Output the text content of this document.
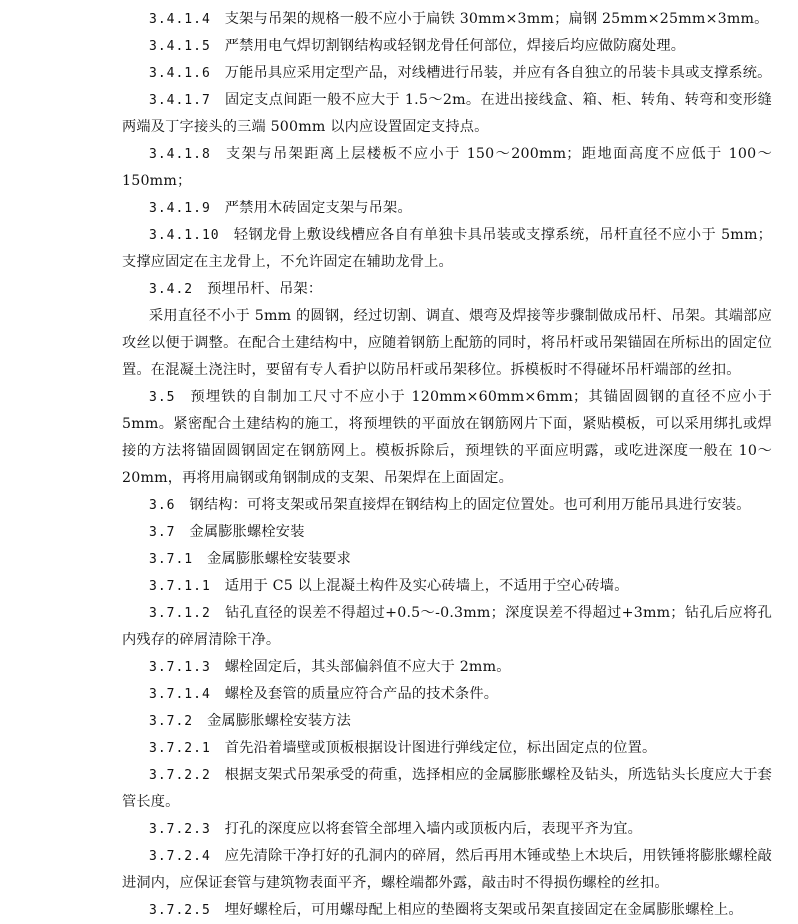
3.4.1.4 支架与吊架的规格一般不应小于扁铁 30mm×3mm；扁钢 25mm×25mm×3mm。

3.4.1.5 严禁用电气焊切割钢结构或轻钢龙骨任何部位，焊接后均应做防腐处理。

3.4.1.6 万能吊具应采用定型产品，对线槽进行吊装，并应有各自独立的吊装卡具或支撑系统。

3.4.1.7 固定支点间距一般不应大于 1.5～2m。在进出接线盒、箱、柜、转角、转弯和变形缝两端及丁字接头的三端 500mm 以内应设置固定支持点。

3.4.1.8 支架与吊架距离上层楼板不应小于 150～200mm；距地面高度不应低于 100～150mm；

3.4.1.9 严禁用木砖固定支架与吊架。

3.4.1.10 轻钢龙骨上敷设线槽应各自有单独卡具吊装或支撑系统，吊杆直径不应小于 5mm；支撑应固定在主龙骨上，不允许固定在辅助龙骨上。

3.4.2 预埋吊杆、吊架：

采用直径不小于 5mm 的圆钢，经过切割、调直、煨弯及焊接等步骤制做成吊杆、吊架。其端部应攻丝以便于调整。在配合土建结构中，应随着钢筋上配筋的同时，将吊杆或吊架锚固在所标出的固定位置。在混凝土浇注时，要留有专人看护以防吊杆或吊架移位。拆模板时不得碰坏吊杆端部的丝扣。

3.5 预埋铁的自制加工尺寸不应小于 120mm×60mm×6mm；其锚固圆钢的直径不应小于 5mm。紧密配合土建结构的施工，将预埋铁的平面放在钢筋网片下面，紧贴模板，可以采用绑扎或焊接的方法将锚固圆钢固定在钢筋网上。模板拆除后，预埋铁的平面应明露，或吃进深度一般在 10～20mm，再将用扁钢或角钢制成的支架、吊架焊在上面固定。

3.6 钢结构：可将支架或吊架直接焊在钢结构上的固定位置处。也可利用万能吊具进行安装。

3.7 金属膨胀螺栓安装

3.7.1 金属膨胀螺栓安装要求

3.7.1.1 适用于 C5 以上混凝土构件及实心砖墙上，不适用于空心砖墙。

3.7.1.2 钻孔直径的误差不得超过+0.5～-0.3mm；深度误差不得超过+3mm；钻孔后应将孔内残存的碎屑清除干净。

3.7.1.3 螺栓固定后，其头部偏斜值不应大于 2mm。

3.7.1.4 螺栓及套管的质量应符合产品的技术条件。

3.7.2 金属膨胀螺栓安装方法

3.7.2.1 首先沿着墙壁或顶板根据设计图进行弹线定位，标出固定点的位置。

3.7.2.2 根据支架式吊架承受的荷重，选择相应的金属膨胀螺栓及钻头，所选钻头长度应大于套管长度。

3.7.2.3 打孔的深度应以将套管全部埋入墙内或顶板内后，表现平齐为宜。

3.7.2.4 应先清除干净打好的孔洞内的碎屑，然后再用木锤或垫上木块后，用铁锤将膨胀螺栓敲进洞内，应保证套管与建筑物表面平齐，螺栓端都外露，敲击时不得损伤螺栓的丝扣。

3.7.2.5 埋好螺栓后，可用螺母配上相应的垫圈将支架或吊架直接固定在金属膨胀螺栓上。
